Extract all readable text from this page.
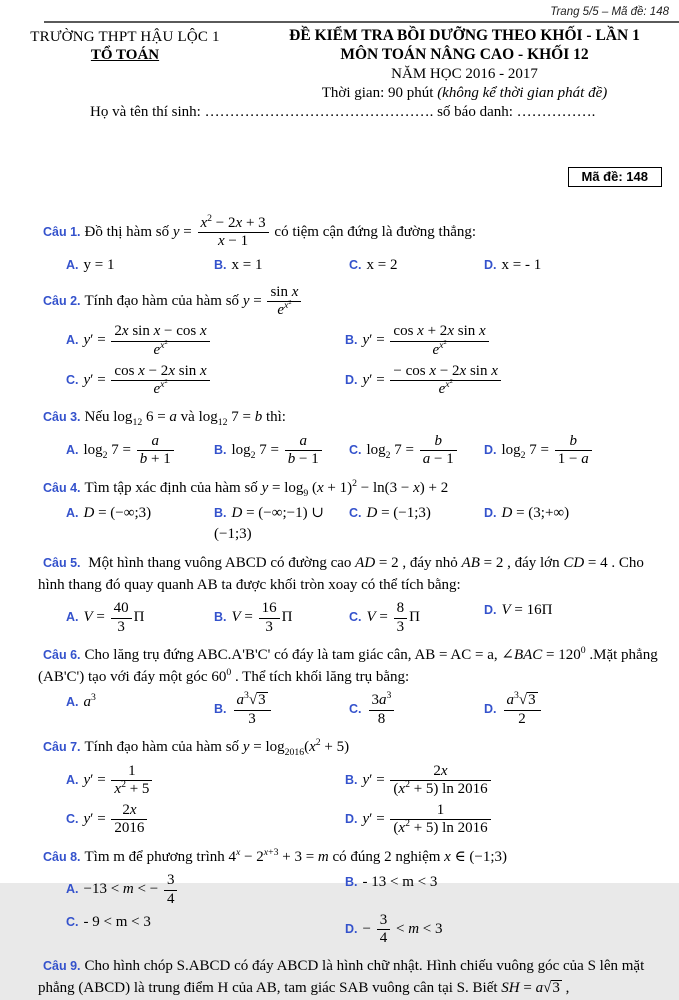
Trang 5/5 – Mã đề: 148
TRƯỜNG THPT HẬU LỘC 1
TỔ TOÁN
ĐỀ KIỂM TRA BỒI DƯỠNG THEO KHỐI - LẦN 1
MÔN TOÁN NÂNG CAO - KHỐI 12
NĂM HỌC 2016 - 2017
Thời gian: 90 phút (không kể thời gian phát đề)
Họ và tên thí sinh: ………………………………………. số báo danh: …………….
Mã đề: 148
Câu 1. Đồ thị hàm số $y = \frac{x^2 - 2x + 3}{x - 1}$ có tiệm cận đứng là đường thẳng:
A. y = 1	B. x = 1	C. x = 2	D. x = - 1
Câu 2. Tính đạo hàm của hàm số $y = \frac{\text{sin x}}{e^{x^2}}$
A. $y' = \frac{\text{2x sin x − cos x}}{e^{x^2}}$	B. $y' = \frac{\text{cos x + 2x sin x}}{e^{x^2}}$
C. $y' = \frac{\text{cos x − 2x sin x}}{e^{x^2}}$	D. $y' = \frac{\text{− cos x − 2x sin x}}{e^{x^2}}$
Câu 3. Nếu $\log_{12} 6 = a$ và $\log_{12} 7 = b$ thì:
A. $\log_2 7 = \frac{a}{b + 1}$	B. $\log_2 7 = \frac{a}{b - 1} C$. $\log_2 7 = \frac{b}{a - 1} D$. $\log_2 7 = \frac{b}{1 - a}$
Câu 4. Tìm tập xác định của hàm số $y = \log_9 (x + 1)^2 - \ln(3 - x) + 2$
A. D = (−∞;3)	B. D = (−∞;−1) ∪ (−1;3)
C. D = (−1;3)	D. D = (3;+∞)
Câu 5. Một hình thang vuông ABCD có đường cao AD = 2 , đáy nhỏ AB = 2 , đáy lớn CD = 4 . Cho hình thang đó quay quanh AB ta được khối tròn xoay có thể tích bằng:
A. $V = \frac{40}{3}$ Π	B. $V = \frac{16}{3}$ Π	C. $V = \frac{8}{3}$ Π	D. V = 16Π
Câu 6. Cho lăng trụ đứng ABC.A'B'C' có đáy là tam giác cân, AB = AC = a, ∠BAC = $120^0$ .Mặt phẳng (AB'C') tạo với đáy một góc $60^0$ . Thể tích khối lăng trụ bằng:
A. $a^3$
B. $\frac{a^3√3}{3}$	C. $\frac{3a^3}{8}$	D. $\frac{a^3√3}{2}$
Câu 7. Tính đạo hàm của hàm số $y = \log_{2016}(x^2 + 5)$
A. $y' = \frac{1}{x^2 + 5}$	B. $y' = \frac{2x}{(x^2 + 5) \ln 2016}$
C. $y' = \frac{2x}{2016}$	D. $y' = \frac{1}{(x^2 + 5) \ln 2016}$
Câu 8. Tìm m để phương trình $4^x - 2^{x+3} + 3 = m$ có đúng 2 nghiệm x ∈ (−1;3)
A. −13 < m < − $\frac{3}{4}$	B. - 13 < m < 3
C. - 9 < m < 3	D. − $\frac{3}{4} < m < 3$
Câu 9. Cho hình chóp S.ABCD có đáy ABCD là hình chữ nhật. Hình chiếu vuông góc của S lên mặt phẳng (ABCD) là trung điểm H của AB, tam giác SAB vuông cân tại S. Biết SH = a√3 ,
